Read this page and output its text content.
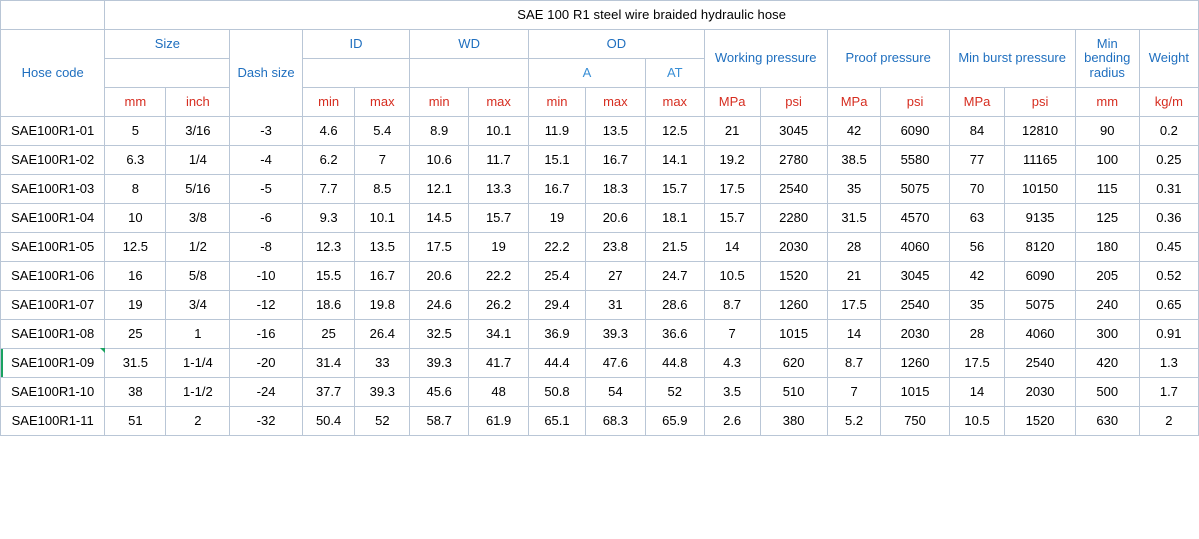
	SAE 100 R1 steel wire braided hydraulic hose																	
Hose code	Size		Dash size	ID		WD		OD			Working pressure		Proof pressure		Min burst pressure		Min bending radius	Weight
								A		AT								
	mm	inch		min	max	min	max	min	max	max	MPa	psi	MPa	psi	MPa	psi	mm	kg/m
SAE100R1-01	5	3/16	-3	4.6	5.4	8.9	10.1	11.9	13.5	12.5	21	3045	42	6090	84	12810	90	0.2
SAE100R1-02	6.3	1/4	-4	6.2	7	10.6	11.7	15.1	16.7	14.1	19.2	2780	38.5	5580	77	11165	100	0.25
SAE100R1-03	8	5/16	-5	7.7	8.5	12.1	13.3	16.7	18.3	15.7	17.5	2540	35	5075	70	10150	115	0.31
SAE100R1-04	10	3/8	-6	9.3	10.1	14.5	15.7	19	20.6	18.1	15.7	2280	31.5	4570	63	9135	125	0.36
SAE100R1-05	12.5	1/2	-8	12.3	13.5	17.5	19	22.2	23.8	21.5	14	2030	28	4060	56	8120	180	0.45
SAE100R1-06	16	5/8	-10	15.5	16.7	20.6	22.2	25.4	27	24.7	10.5	1520	21	3045	42	6090	205	0.52
SAE100R1-07	19	3/4	-12	18.6	19.8	24.6	26.2	29.4	31	28.6	8.7	1260	17.5	2540	35	5075	240	0.65
SAE100R1-08	25	1	-16	25	26.4	32.5	34.1	36.9	39.3	36.6	7	1015	14	2030	28	4060	300	0.91
SAE100R1-09	31.5	1-1/4	-20	31.4	33	39.3	41.7	44.4	47.6	44.8	4.3	620	8.7	1260	17.5	2540	420	1.3
SAE100R1-10	38	1-1/2	-24	37.7	39.3	45.6	48	50.8	54	52	3.5	510	7	1015	14	2030	500	1.7
SAE100R1-11	51	2	-32	50.4	52	58.7	61.9	65.1	68.3	65.9	2.6	380	5.2	750	10.5	1520	630	2
